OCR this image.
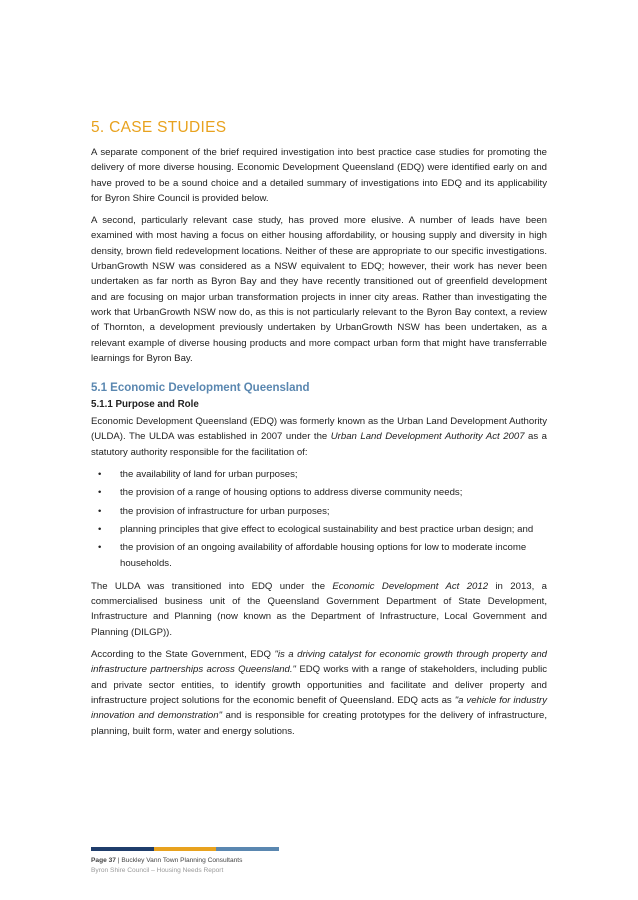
5. CASE STUDIES

A separate component of the brief required investigation into best practice case studies for promoting the delivery of more diverse housing. Economic Development Queensland (EDQ) were identified early on and have proved to be a sound choice and a detailed summary of investigations into EDQ and its applicability for Byron Shire Council is provided below.

A second, particularly relevant case study, has proved more elusive. A number of leads have been examined with most having a focus on either housing affordability, or housing supply and diversity in high density, brown field redevelopment locations. Neither of these are appropriate to our specific investigations. UrbanGrowth NSW was considered as a NSW equivalent to EDQ; however, their work has never been undertaken as far north as Byron Bay and they have recently transitioned out of greenfield development and are focusing on major urban transformation projects in inner city areas. Rather than investigating the work that UrbanGrowth NSW now do, as this is not particularly relevant to the Byron Bay context, a review of Thornton, a development previously undertaken by UrbanGrowth NSW has been undertaken, as a relevant example of diverse housing products and more compact urban form that might have transferrable learnings for Byron Bay.

5.1 Economic Development Queensland
5.1.1 Purpose and Role

Economic Development Queensland (EDQ) was formerly known as the Urban Land Development Authority (ULDA). The ULDA was established in 2007 under the Urban Land Development Authority Act 2007 as a statutory authority responsible for the facilitation of:

• the availability of land for urban purposes;
• the provision of a range of housing options to address diverse community needs;
• the provision of infrastructure for urban purposes;
• planning principles that give effect to ecological sustainability and best practice urban design; and
• the provision of an ongoing availability of affordable housing options for low to moderate income households.

The ULDA was transitioned into EDQ under the Economic Development Act 2012 in 2013, a commercialised business unit of the Queensland Government Department of State Development, Infrastructure and Planning (now known as the Department of Infrastructure, Local Government and Planning (DILGP)).

According to the State Government, EDQ "is a driving catalyst for economic growth through property and infrastructure partnerships across Queensland." EDQ works with a range of stakeholders, including public and private sector entities, to identify growth opportunities and facilitate and deliver property and infrastructure project solutions for the economic benefit of Queensland. EDQ acts as "a vehicle for industry innovation and demonstration" and is responsible for creating prototypes for the delivery of infrastructure, planning, built form, water and energy solutions.

Page 37 | Buckley Vann Town Planning Consultants
Byron Shire Council – Housing Needs Report
